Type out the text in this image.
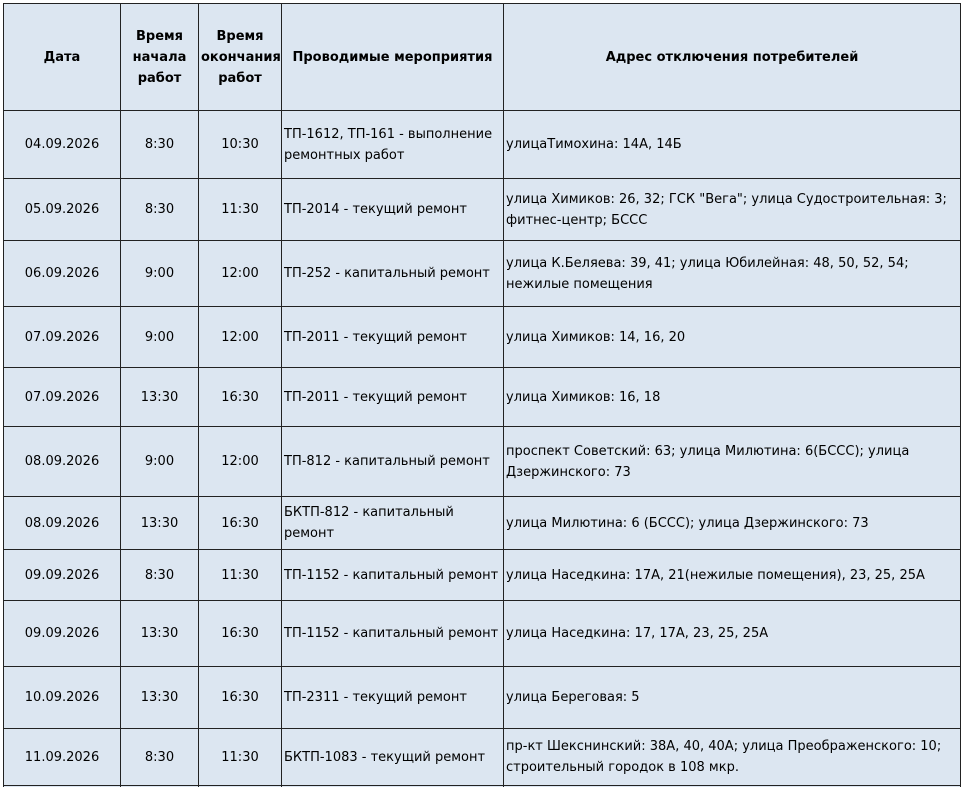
Дата	Время
начала
работ	Время
окончания
работ	Проводимые мероприятия	Адрес отключения потребителей
04.09.2026	8:30	10:30	ТП-1612, ТП-161 - выполнение
ремонтных работ	улицаТимохина: 14А, 14Б
05.09.2026	8:30	11:30	ТП-2014 - текущий ремонт	улица Химиков: 26, 32; ГСК "Вега"; улица Судостроительная: 3;
фитнес-центр; БССС
06.09.2026	9:00	12:00	ТП-252 - капитальный ремонт	улица К.Беляева: 39, 41; улица Юбилейная: 48, 50, 52, 54;
нежилые помещения
07.09.2026	9:00	12:00	ТП-2011 - текущий ремонт	улица Химиков: 14, 16, 20
07.09.2026	13:30	16:30	ТП-2011 - текущий ремонт	улица Химиков: 16, 18
08.09.2026	9:00	12:00	ТП-812 - капитальный ремонт	проспект Советский: 63; улица Милютина: 6(БССС); улица
Дзержинского: 73
08.09.2026	13:30	16:30	БКТП-812 - капитальный
ремонт	улица Милютина: 6 (БССС); улица Дзержинского: 73
09.09.2026	8:30	11:30	ТП-1152 - капитальный ремонт	улица Наседкина: 17А, 21(нежилые помещения), 23, 25, 25А
09.09.2026	13:30	16:30	ТП-1152 - капитальный ремонт	улица Наседкина: 17, 17А, 23, 25, 25А
10.09.2026	13:30	16:30	ТП-2311 - текущий ремонт	улица Береговая: 5
11.09.2026	8:30	11:30	БКТП-1083 - текущий ремонт	пр-кт Шекснинский: 38А, 40, 40А; улица Преображенского: 10;
строительный городок в 108 мкр.
